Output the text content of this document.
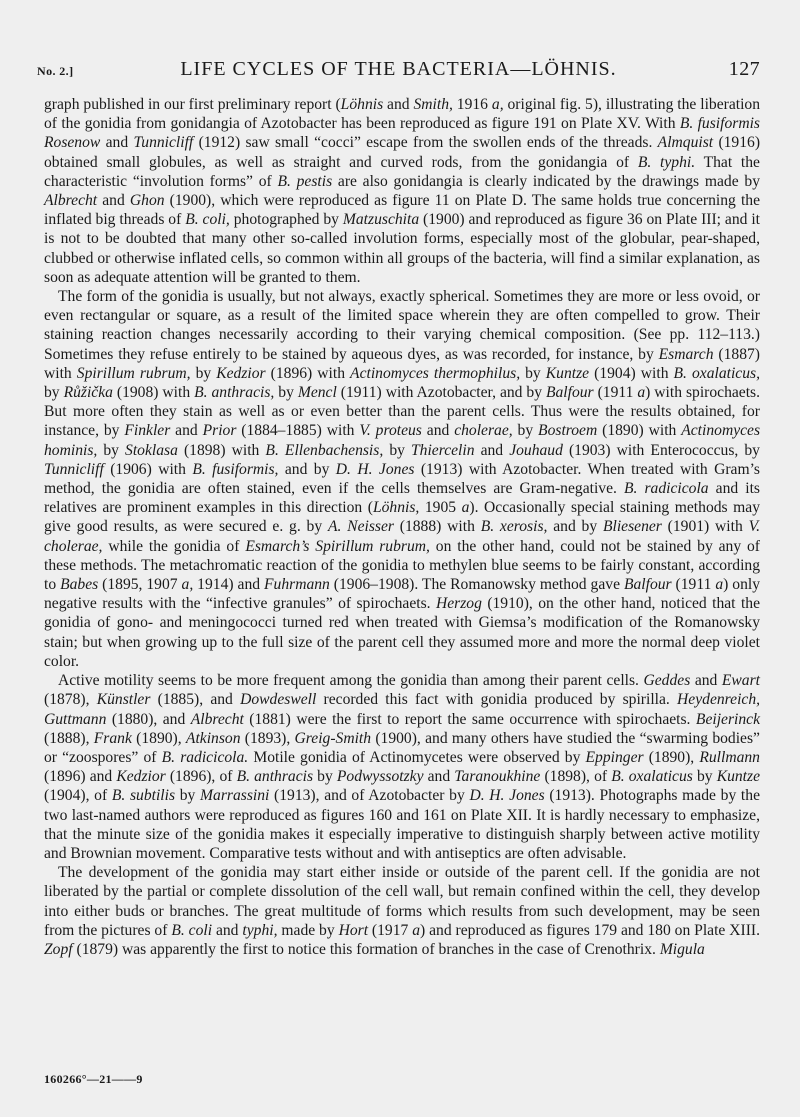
No. 2.]	LIFE CYCLES OF THE BACTERIA—LÖHNIS.	127

graph published in our first preliminary report (Löhnis and Smith, 1916 a, original fig. 5), illustrating the liberation of the gonidia from gonidangia of Azotobacter has been reproduced as figure 191 on Plate XV. With B. fusiformis Rosenow and Tunnicliff (1912) saw small “cocci” escape from the swollen ends of the threads. Almquist (1916) obtained small globules, as well as straight and curved rods, from the gonidangia of B. typhi. That the characteristic “involution forms” of B. pestis are also gonidangia is clearly indicated by the drawings made by Albrecht and Ghon (1900), which were reproduced as figure 11 on Plate D. The same holds true concerning the inflated big threads of B. coli, photographed by Matzuschita (1900) and reproduced as figure 36 on Plate III; and it is not to be doubted that many other so-called involution forms, especially most of the globular, pear-shaped, clubbed or otherwise inflated cells, so common within all groups of the bacteria, will find a similar explanation, as soon as adequate attention will be granted to them.

The form of the gonidia is usually, but not always, exactly spherical. Sometimes they are more or less ovoid, or even rectangular or square, as a result of the limited space wherein they are often compelled to grow. Their staining reaction changes necessarily according to their varying chemical composition. (See pp. 112–113.) Sometimes they refuse entirely to be stained by aqueous dyes, as was recorded, for instance, by Esmarch (1887) with Spirillum rubrum, by Kedzior (1896) with Actinomyces thermophilus, by Kuntze (1904) with B. oxalaticus, by Růžička (1908) with B. anthracis, by Mencl (1911) with Azotobacter, and by Balfour (1911 a) with spirochaets. But more often they stain as well as or even better than the parent cells. Thus were the results obtained, for instance, by Finkler and Prior (1884–1885) with V. proteus and cholerae, by Bostroem (1890) with Actinomyces hominis, by Stoklasa (1898) with B. Ellenbachensis, by Thiercelin and Jouhaud (1903) with Enterococcus, by Tunnicliff (1906) with B. fusiformis, and by D. H. Jones (1913) with Azotobacter. When treated with Gram’s method, the gonidia are often stained, even if the cells themselves are Gram-negative. B. radicicola and its relatives are prominent examples in this direction (Löhnis, 1905 a). Occasionally special staining methods may give good results, as were secured e. g. by A. Neisser (1888) with B. xerosis, and by Bliesener (1901) with V. cholerae, while the gonidia of Esmarch’s Spirillum rubrum, on the other hand, could not be stained by any of these methods. The metachromatic reaction of the gonidia to methylen blue seems to be fairly constant, according to Babes (1895, 1907 a, 1914) and Fuhrmann (1906–1908). The Romanowsky method gave Balfour (1911 a) only negative results with the “infective granules” of spirochaets. Herzog (1910), on the other hand, noticed that the gonidia of gono- and meningococci turned red when treated with Giemsa’s modification of the Romanowsky stain; but when growing up to the full size of the parent cell they assumed more and more the normal deep violet color.

Active motility seems to be more frequent among the gonidia than among their parent cells. Geddes and Ewart (1878), Künstler (1885), and Dowdeswell recorded this fact with gonidia produced by spirilla. Heydenreich, Guttmann (1880), and Albrecht (1881) were the first to report the same occurrence with spirochaets. Beijerinck (1888), Frank (1890), Atkinson (1893), Greig-Smith (1900), and many others have studied the “swarming bodies” or “zoospores” of B. radicicola. Motile gonidia of Actinomycetes were observed by Eppinger (1890), Rullmann (1896) and Kedzior (1896), of B. anthracis by Podwyssotzky and Taranoukhine (1898), of B. oxalaticus by Kuntze (1904), of B. subtilis by Marrassini (1913), and of Azotobacter by D. H. Jones (1913). Photographs made by the two last-named authors were reproduced as figures 160 and 161 on Plate XII. It is hardly necessary to emphasize, that the minute size of the gonidia makes it especially imperative to distinguish sharply between active motility and Brownian movement. Comparative tests without and with antiseptics are often advisable.

The development of the gonidia may start either inside or outside of the parent cell. If the gonidia are not liberated by the partial or complete dissolution of the cell wall, but remain confined within the cell, they develop into either buds or branches. The great multitude of forms which results from such development, may be seen from the pictures of B. coli and typhi, made by Hort (1917 a) and reproduced as figures 179 and 180 on Plate XIII. Zopf (1879) was apparently the first to notice this formation of branches in the case of Crenothrix. Migula

160266°—21——9
